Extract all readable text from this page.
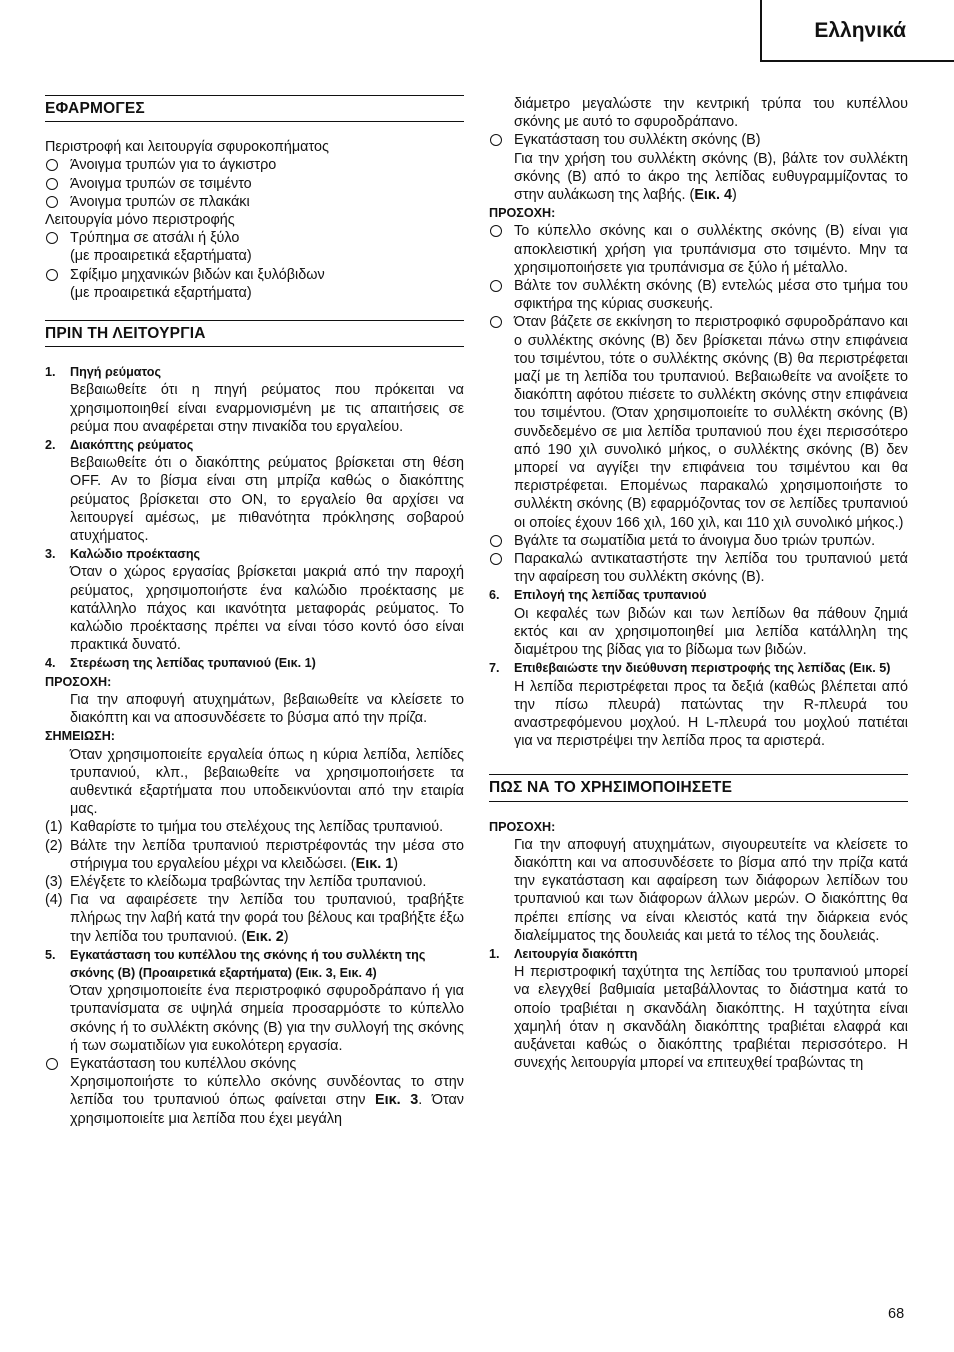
Ελληνικά
ΕΦΑΡΜΟΓΕΣ

Περιστροφή και λειτουργία σφυροκοπήματος

Άνοιγμα τρυπών για το άγκιστρο

Άνοιγμα τρυπών σε τσιμέντο

Άνοιγμα τρυπών σε πλακάκι

Λειτουργία μόνο περιστροφής

Τρύπημα σε ατσάλι ή ξύλο

(με προαιρετικά εξαρτήματα)

Σφίξιμο μηχανικών βιδών και ξυλόβιδων

(με προαιρετικά εξαρτήματα)

ΠΡΙΝ ΤΗ ΛΕΙΤΟΥΡΓΙΑ

1. Πηγή ρεύματος

Βεβαιωθείτε ότι η πηγή ρεύματος που πρόκειται να χρησιμοποιηθεί είναι εναρμονισμένη με τις απαιτήσεις σε ρεύμα που αναφέρεται στην πινακίδα του εργαλείου.

2. Διακόπτης ρεύματος

Βεβαιωθείτε ότι ο διακόπτης ρεύματος βρίσκεται στη θέση OFF. Αν το βίσμα είναι στη μπρίζα καθώς ο διακόπτης ρεύματος βρίσκεται στο ON, το εργαλείο θα αρχίσει να λειτουργεί αμέσως, με πιθανότητα πρόκλησης σοβαρού ατυχήματος.

3. Καλώδιο προέκτασης

Όταν ο χώρος εργασίας βρίσκεται μακριά από την παροχή ρεύματος, χρησιμοποιήστε ένα καλώδιο προέκτασης με κατάλληλο πάχος και ικανότητα μεταφοράς ρεύματος. Το καλώδιο προέκτασης πρέπει να είναι τόσο κοντό όσο είναι πρακτικά δυνατό.

4. Στερέωση της λεπίδας τρυπανιού (Εικ. 1)

ΠΡΟΣΟΧΗ:

Για την αποφυγή ατυχημάτων, βεβαιωθείτε να κλείσετε το διακόπτη και να αποσυνδέσετε το βύσμα από την πρίζα.

ΣΗΜΕΙΩΣΗ:

Όταν χρησιμοποιείτε εργαλεία όπως η κύρια λεπίδα, λεπίδες τρυπανιού, κλπ., βεβαιωθείτε να χρησιμοποιήσετε τα αυθεντικά εξαρτήματα που υποδεικνύονται από την εταιρία μας.

(1) Καθαρίστε το τμήμα του στελέχους της λεπίδας τρυπανιού.

(2) Βάλτε την λεπίδα τρυπανιού περιστρέφοντάς την μέσα στο στήριγμα του εργαλείου μέχρι να κλειδώσει. (Εικ. 1)

(3) Ελέγξετε το κλείδωμα τραβώντας την λεπίδα τρυπανιού.

(4) Για να αφαιρέσετε την λεπίδα του τρυπανιού, τραβήξτε πλήρως την λαβή κατά την φορά του βέλους και τραβήξτε έξω την λεπίδα του τρυπανιού. (Εικ. 2)

5. Εγκατάσταση του κυπέλλου της σκόνης ή του συλλέκτη της σκόνης (B) (Προαιρετικά εξαρτήματα) (Εικ. 3, Εικ. 4)

Όταν χρησιμοποιείτε ένα περιστροφικό σφυροδράπανο ή για τρυπανίσματα σε υψηλά σημεία προσαρμόστε το κύπελλο σκόνης ή το συλλέκτη σκόνης (B) για την συλλογή της σκόνης ή των σωματιδίων για ευκολότερη εργασία.

Εγκατάσταση του κυπέλλου σκόνης

Χρησιμοποιήστε το κύπελλο σκόνης συνδέοντας το στην λεπίδα του τρυπανιού όπως φαίνεται στην Εικ. 3. Όταν χρησιμοποιείτε μια λεπίδα που έχει μεγάλη

διάμετρο μεγαλώστε την κεντρική τρύπα του κυπέλλου σκόνης με αυτό το σφυροδράπανο.

Εγκατάσταση του συλλέκτη σκόνης (B)

Για την χρήση του συλλέκτη σκόνης (B), βάλτε τον συλλέκτη σκόνης (B) από το άκρο της λεπίδας ευθυγραμμίζοντας το στην αυλάκωση της λαβής. (Εικ. 4)

ΠΡΟΣΟΧΗ:

Το κύπελλο σκόνης και ο συλλέκτης σκόνης (B) είναι για αποκλειστική χρήση για τρυπάνισμα στο τσιμέντο. Μην τα χρησιμοποιήσετε για τρυπάνισμα σε ξύλο ή μέταλλο.

Βάλτε τον συλλέκτη σκόνης (B) εντελώς μέσα στο τμήμα του σφικτήρα της κύριας συσκευής.

Όταν βάζετε σε εκκίνηση το περιστροφικό σφυροδράπανο και ο συλλέκτης σκόνης (B) δεν βρίσκεται πάνω στην επιφάνεια του τσιμέντου, τότε ο συλλέκτης σκόνης (B) θα περιστρέφεται μαζί με τη λεπίδα του τρυπανιού. Βεβαιωθείτε να ανοίξετε το διακόπτη αφότου πιέσετε το συλλέκτη σκόνης στην επιφάνεια του τσιμέντου. (Όταν χρησιμοποιείτε το συλλέκτη σκόνης (B) συνδεδεμένο σε μια λεπίδα τρυπανιού που έχει περισσότερο από 190 χιλ συνολικό μήκος, ο συλλέκτης σκόνης (B) δεν μπορεί να αγγίξει την επιφάνεια του τσιμέντου και θα περιστρέφεται. Επομένως παρακαλώ χρησιμοποιήστε το συλλέκτη σκόνης (B) εφαρμόζοντας τον σε λεπίδες τρυπανιού οι οποίες έχουν 166 χιλ, 160 χιλ, και 110 χιλ συνολικό μήκος.)

Βγάλτε τα σωματίδια μετά το άνοιγμα δυο τριών τρυπών.

Παρακαλώ αντικαταστήστε την λεπίδα του τρυπανιού μετά την αφαίρεση του συλλέκτη σκόνης (B).

6. Επιλογή της λεπίδας τρυπανιού

Οι κεφαλές των βιδών και των λεπίδων θα πάθουν ζημιά εκτός και αν χρησιμοποιηθεί μια λεπίδα κατάλληλη της διαμέτρου της βίδας για το βίδωμα των βιδών.

7. Επιθεβαιώστε την διεύθυνση περιστροφής της λεπίδας (Εικ. 5)

Η λεπίδα περιστρέφεται προς τα δεξιά (καθώς βλέπεται από την πίσω πλευρά) πατώντας την R-πλευρά του αναστρεφόμενου μοχλού. Η L-πλευρά του μοχλού πατιέται για να περιστρέψει την λεπίδα προς τα αριστερά.

ΠΩΣ ΝΑ ΤΟ ΧΡΗΣΙΜΟΠΟΙΗΣΕΤΕ

ΠΡΟΣΟΧΗ:

Για την αποφυγή ατυχημάτων, σιγουρευτείτε να κλείσετε το διακόπτη και να αποσυνδέσετε το βίσμα από την πρίζα κατά την εγκατάσταση και αφαίρεση των διάφορων λεπίδων του τρυπανιού και των διάφορων άλλων μερών. Ο διακόπτης θα πρέπει επίσης να είναι κλειστός κατά την διάρκεια ενός διαλείμματος της δουλειάς και μετά το τέλος της δουλειάς.

1. Λειτουργία διακόπτη

Η περιστροφική ταχύτητα της λεπίδας του τρυπανιού μπορεί να ελεγχθεί βαθμιαία μεταβάλλοντας το διάστημα κατά το οποίο τραβιέται η σκανδάλη διακόπτης. Η ταχύτητα είναι χαμηλή όταν η σκανδάλη διακόπτης τραβιέται ελαφρά και αυξάνεται καθώς ο διακόπτης τραβιέται περισσότερο. Η συνεχής λειτουργία μπορεί να επιτευχθεί τραβώντας τη

68
